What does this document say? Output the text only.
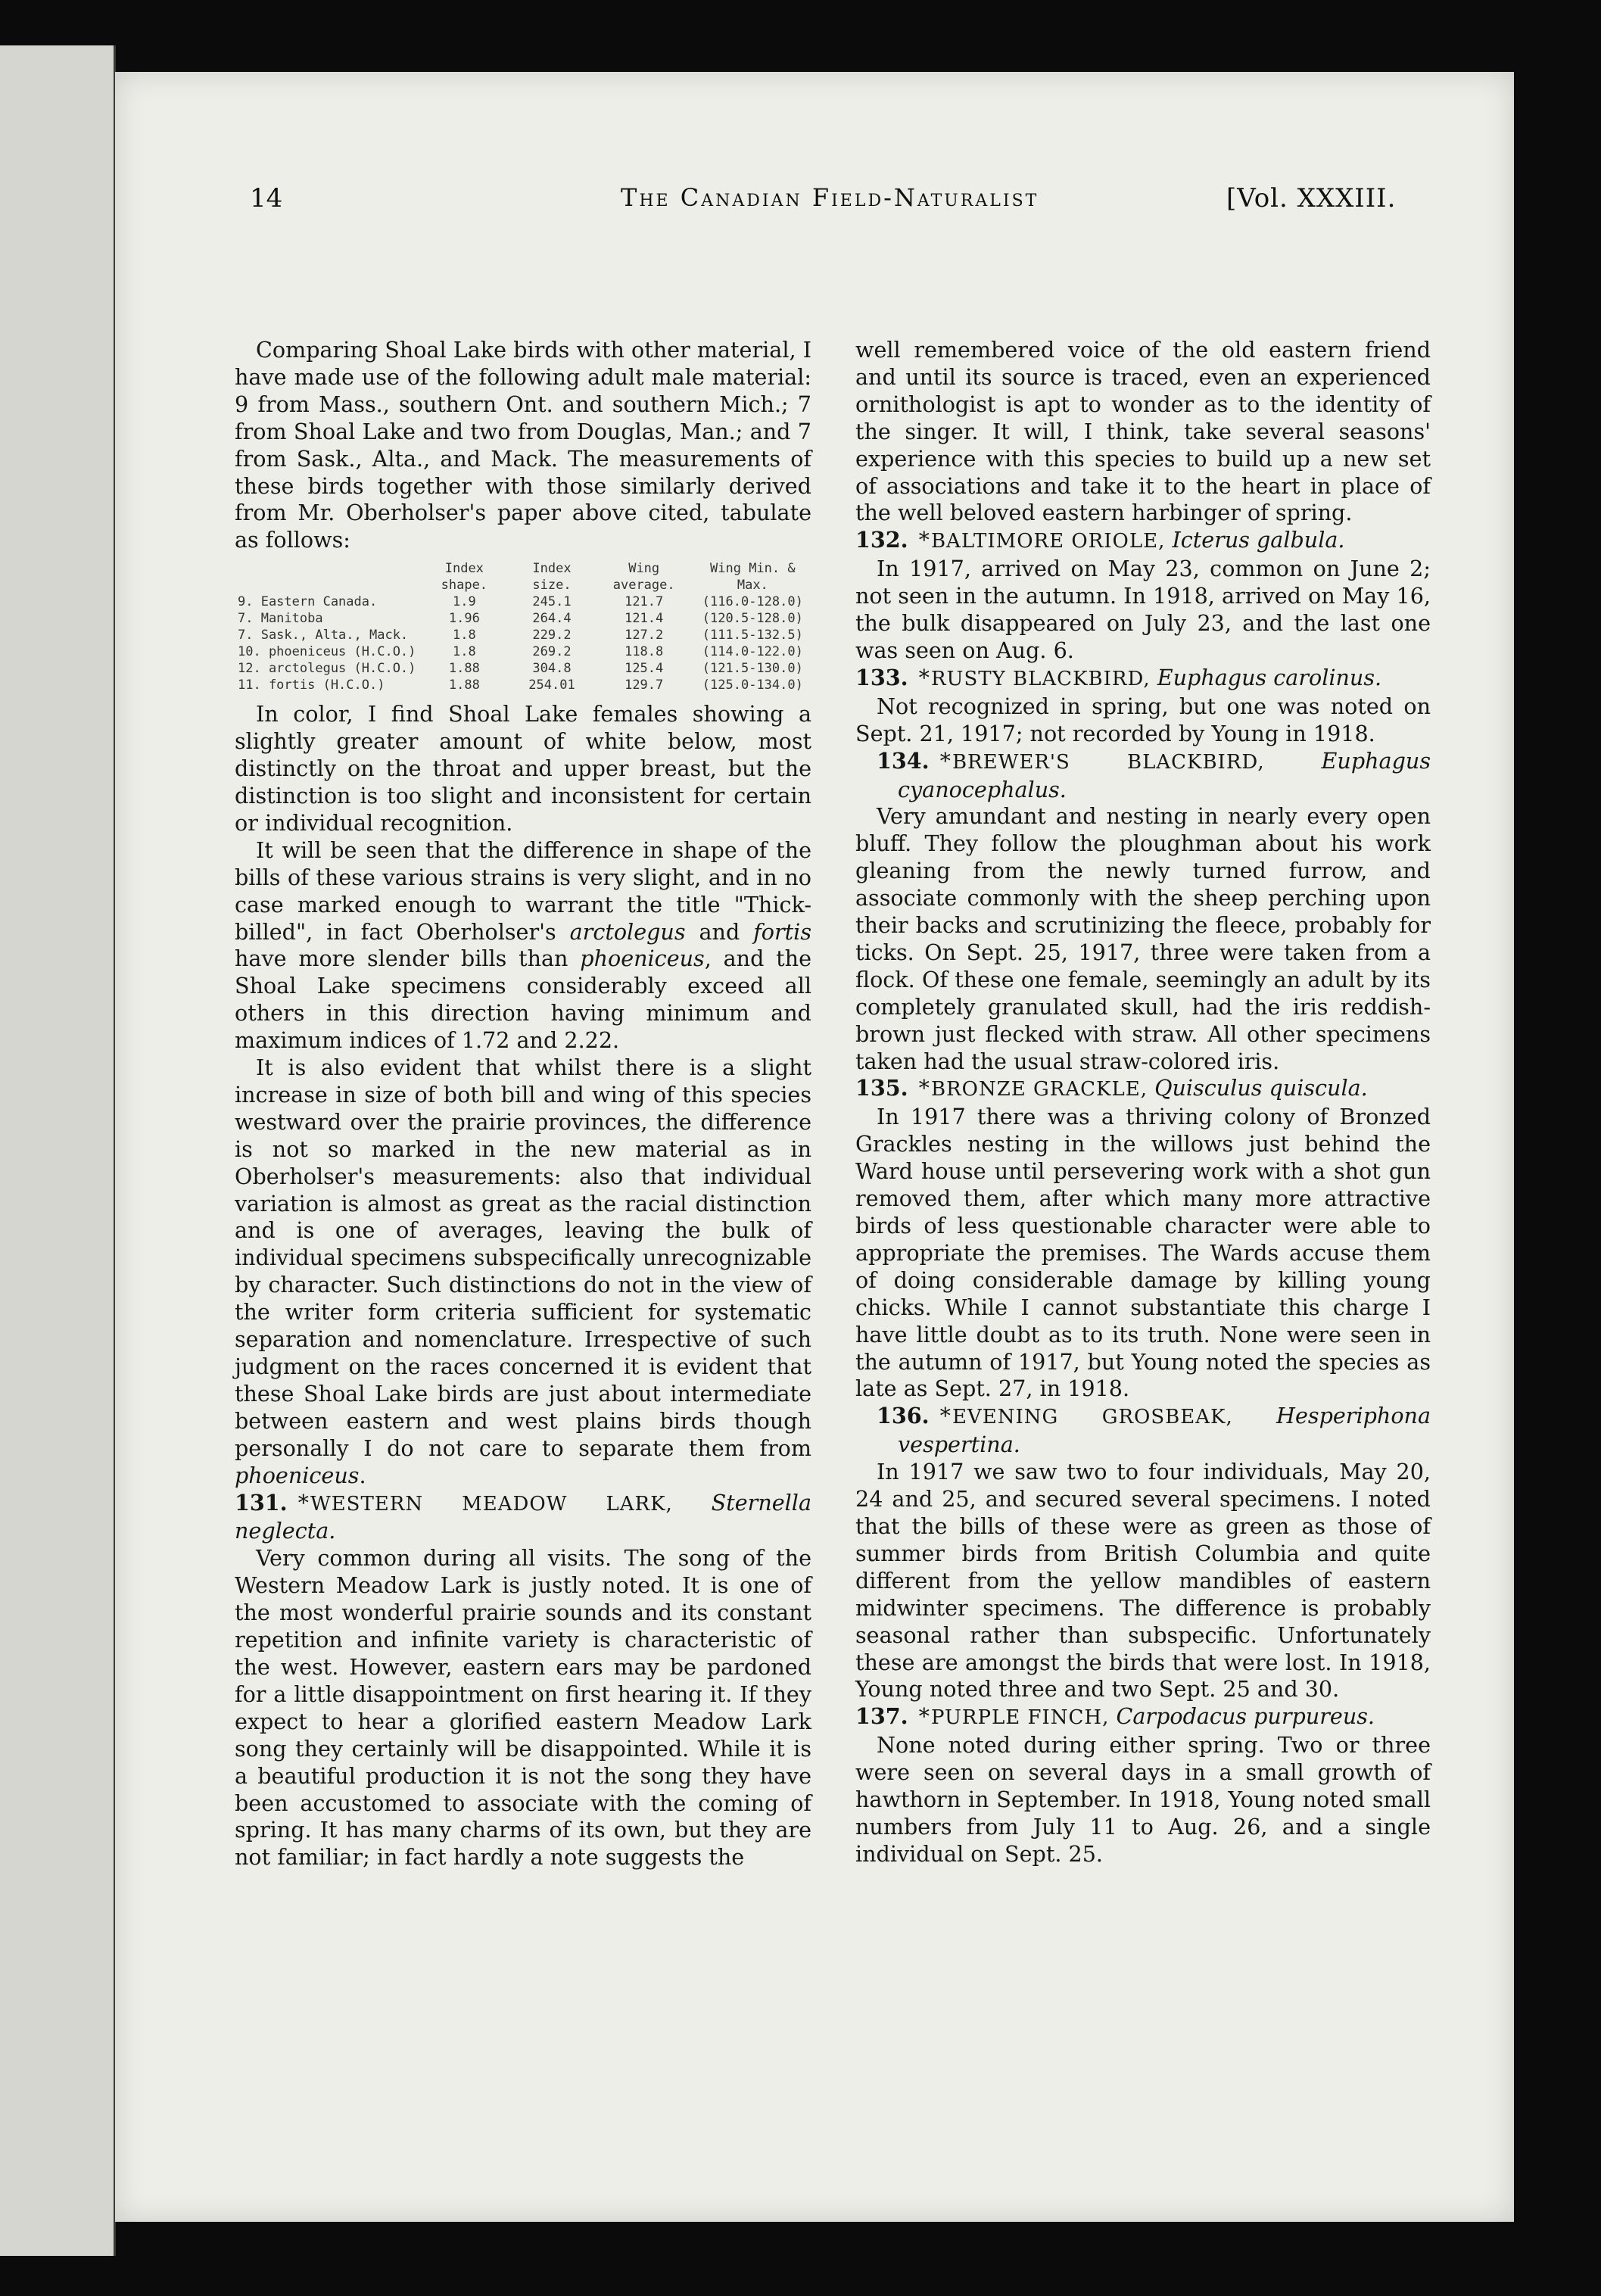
14	The Canadian Field-Naturalist	[Vol. XXXIII.

Comparing Shoal Lake birds with other material, I have made use of the following adult male material: 9 from Mass., southern Ont. and southern Mich.; 7 from Shoal Lake and two from Douglas, Man.; and 7 from Sask., Alta., and Mack. The measurements of these birds together with those similarly derived from Mr. Oberholser's paper above cited, tabulate as follows:

	Index shape.	Index size.	Wing average.	Wing Min. & Max.
9. Eastern Canada.	1.9	245.1	121.7	(116.0-128.0)
7. Manitoba	1.96	264.4	121.4	(120.5-128.0)
7. Sask., Alta., Mack.	1.8	229.2	127.2	(111.5-132.5)
10. phoeniceus (H.C.O.)	1.8	269.2	118.8	(114.0-122.0)
12. arctolegus (H.C.O.)	1.88	304.8	125.4	(121.5-130.0)
11. fortis (H.C.O.)	1.88	254.01	129.7	(125.0-134.0)

In color, I find Shoal Lake females showing a slightly greater amount of white below, most distinctly on the throat and upper breast, but the distinction is too slight and inconsistent for certain or individual recognition.

It will be seen that the difference in shape of the bills of these various strains is very slight, and in no case marked enough to warrant the title "Thick-billed", in fact Oberholser's arctolegus and fortis have more slender bills than phoeniceus, and the Shoal Lake specimens considerably exceed all others in this direction having minimum and maximum indices of 1.72 and 2.22.

It is also evident that whilst there is a slight increase in size of both bill and wing of this species westward over the prairie provinces, the difference is not so marked in the new material as in Oberholser's measurements: also that individual variation is almost as great as the racial distinction and is one of averages, leaving the bulk of individual specimens subspecifically unrecognizable by character. Such distinctions do not in the view of the writer form criteria sufficient for systematic separation and nomenclature. Irrespective of such judgment on the races concerned it is evident that these Shoal Lake birds are just about intermediate between eastern and west plains birds though personally I do not care to separate them from phoeniceus.

131. *WESTERN MEADOW LARK, Sternella neglecta.

Very common during all visits. The song of the Western Meadow Lark is justly noted. It is one of the most wonderful prairie sounds and its constant repetition and infinite variety is characteristic of the west. However, eastern ears may be pardoned for a little disappointment on first hearing it. If they expect to hear a glorified eastern Meadow Lark song they certainly will be disappointed. While it is a beautiful production it is not the song they have been accustomed to associate with the coming of spring. It has many charms of its own, but they are not familiar; in fact hardly a note suggests the

well remembered voice of the old eastern friend and until its source is traced, even an experienced ornithologist is apt to wonder as to the identity of the singer. It will, I think, take several seasons' experience with this species to build up a new set of associations and take it to the heart in place of the well beloved eastern harbinger of spring.

132. *BALTIMORE ORIOLE, Icterus galbula.

In 1917, arrived on May 23, common on June 2; not seen in the autumn. In 1918, arrived on May 16, the bulk disappeared on July 23, and the last one was seen on Aug. 6.

133. *RUSTY BLACKBIRD, Euphagus carolinus.

Not recognized in spring, but one was noted on Sept. 21, 1917; not recorded by Young in 1918.

134. *BREWER'S BLACKBIRD,	Euphagus cyanocephalus.

Very amundant and nesting in nearly every open bluff. They follow the ploughman about his work gleaning from the newly turned furrow, and associate commonly with the sheep perching upon their backs and scrutinizing the fleece, probably for ticks. On Sept. 25, 1917, three were taken from a flock. Of these one female, seemingly an adult by its completely granulated skull, had the iris reddish-brown just flecked with straw. All other specimens taken had the usual straw-colored iris.

135. *BRONZE GRACKLE, Quisculus quiscula.

In 1917 there was a thriving colony of Bronzed Grackles nesting in the willows just behind the Ward house until persevering work with a shot gun removed them, after which many more attractive birds of less questionable character were able to appropriate the premises. The Wards accuse them of doing considerable damage by killing young chicks. While I cannot substantiate this charge I have little doubt as to its truth. None were seen in the autumn of 1917, but Young noted the species as late as Sept. 27, in 1918.

136. *EVENING GROSBEAK, Hesperiphona vespertina.

In 1917 we saw two to four individuals, May 20, 24 and 25, and secured several specimens. I noted that the bills of these were as green as those of summer birds from British Columbia and quite different from the yellow mandibles of eastern midwinter specimens. The difference is probably seasonal rather than subspecific. Unfortunately these are amongst the birds that were lost. In 1918, Young noted three and two Sept. 25 and 30.

137. *PURPLE FINCH, Carpodacus purpureus.

None noted during either spring. Two or three were seen on several days in a small growth of hawthorn in September. In 1918, Young noted small numbers from July 11 to Aug. 26, and a single individual on Sept. 25.
